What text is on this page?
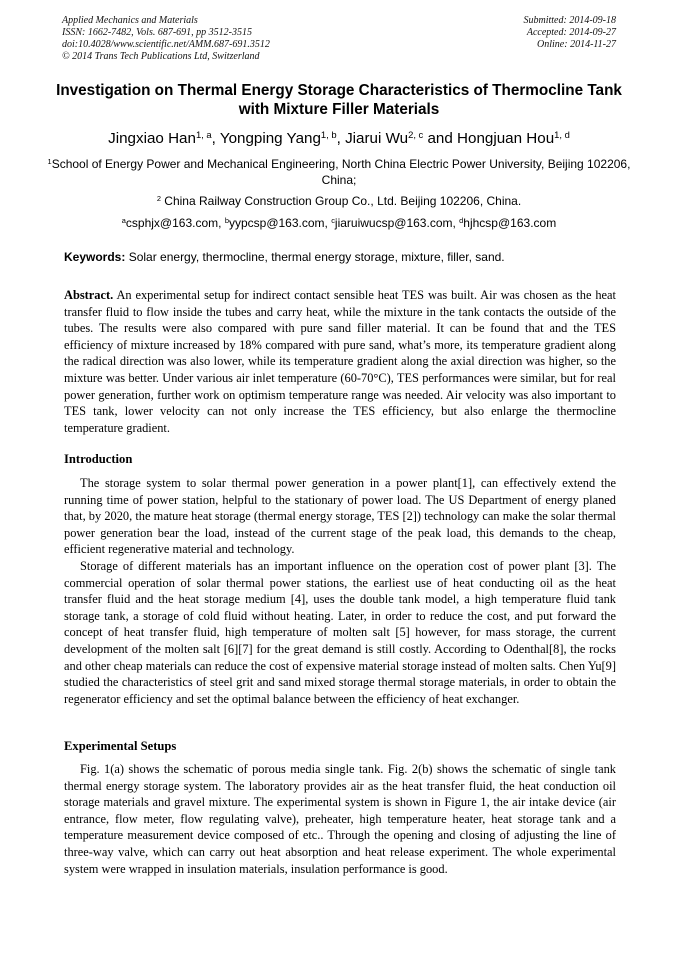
Applied Mechanics and Materials
ISSN: 1662-7482, Vols. 687-691, pp 3512-3515
doi:10.4028/www.scientific.net/AMM.687-691.3512
© 2014 Trans Tech Publications Ltd, Switzerland
Submitted: 2014-09-18
Accepted: 2014-09-27
Online: 2014-11-27
Investigation on Thermal Energy Storage Characteristics of Thermocline Tank with Mixture Filler Materials
Jingxiao Han$^{1, a}$, Yongping Yang$^{1, b}$, Jiarui Wu$^{2, c}$ and Hongjuan Hou$^{1, d}$
$^1$School of Energy Power and Mechanical Engineering, North China Electric Power University, Beijing 102206, China;
$^2$ China Railway Construction Group Co., Ltd. Beijing 102206, China.
$^a$csphjx@163.com, $^b$yypcsp@163.com, $^c$jiaruiwucsp@163.com, $^d$hjhcsp@163.com
Keywords: Solar energy, thermocline, thermal energy storage, mixture, filler, sand.
Abstract. An experimental setup for indirect contact sensible heat TES was built. Air was chosen as the heat transfer fluid to flow inside the tubes and carry heat, while the mixture in the tank contacts the outside of the tubes. The results were also compared with pure sand filler material. It can be found that and the TES efficiency of mixture increased by 18% compared with pure sand, what’s more, its temperature gradient along the radical direction was also lower, while its temperature gradient along the axial direction was higher, so the mixture was better. Under various air inlet temperature (60-70°C), TES performances were similar, but for real power generation, further work on optimism temperature range was needed. Air velocity was also important to TES tank, lower velocity can not only increase the TES efficiency, but also enlarge the thermocline temperature gradient.
Introduction

The storage system to solar thermal power generation in a power plant[1], can effectively extend the running time of power station, helpful to the stationary of power load. The US Department of energy planed that, by 2020, the mature heat storage (thermal energy storage, TES [2]) technology can make the solar thermal power generation bear the load, instead of the current stage of the peak load, this demands to the cheap, efficient regenerative material and technology.

Storage of different materials has an important influence on the operation cost of power plant [3]. The commercial operation of solar thermal power stations, the earliest use of heat conducting oil as the heat transfer fluid and the heat storage medium [4], uses the double tank model, a high temperature fluid tank storage tank, a storage of cold fluid without heating. Later, in order to reduce the cost, and put forward the concept of heat transfer fluid, high temperature of molten salt [5] however, for mass storage, the current development of the molten salt [6][7] for the great demand is still costly. According to Odenthal[8], the rocks and other cheap materials can reduce the cost of expensive material storage instead of molten salts. Chen Yu[9] studied the characteristics of steel grit and sand mixed storage thermal storage materials, in order to obtain the regenerator efficiency and set the optimal balance between the efficiency of heat exchanger.

Experimental Setups

Fig. 1(a) shows the schematic of porous media single tank. Fig. 2(b) shows the schematic of single tank thermal energy storage system. The laboratory provides air as the heat transfer fluid, the heat conduction oil storage materials and gravel mixture. The experimental system is shown in Figure 1, the air intake device (air entrance, flow meter, flow regulating valve), preheater, high temperature heater, heat storage tank and a temperature measurement device composed of etc.. Through the opening and closing of adjusting the line of three-way valve, which can carry out heat absorption and heat release experiment. The whole experimental system were wrapped in insulation materials, insulation performance is good.
